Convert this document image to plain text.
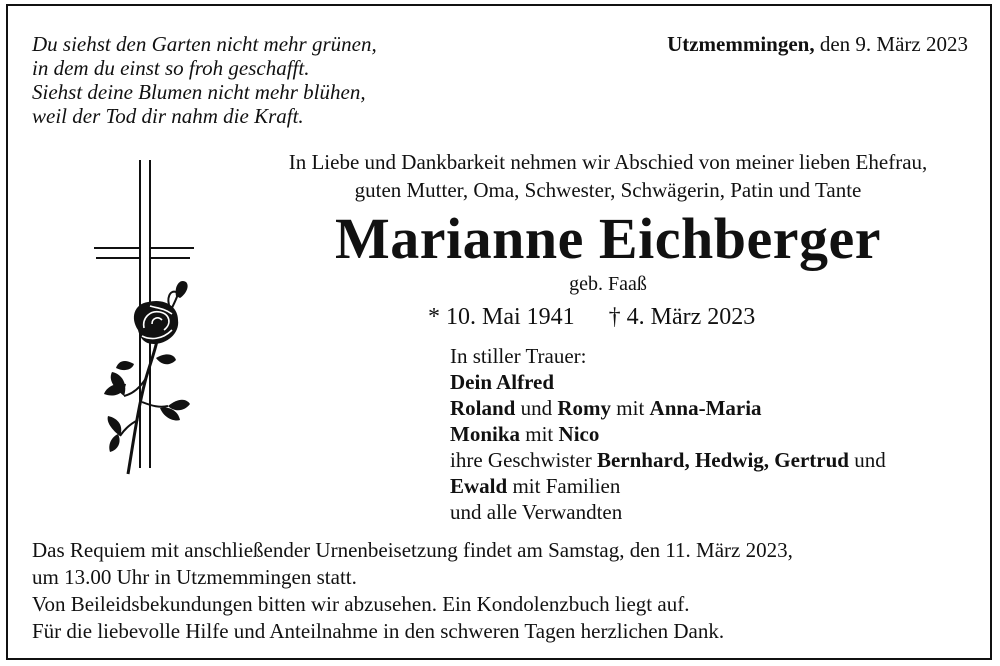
Du siehst den Garten nicht mehr grünen,
in dem du einst so froh geschafft.
Siehst deine Blumen nicht mehr blühen,
weil der Tod dir nahm die Kraft.
Utzmemmingen, den 9. März 2023
In Liebe und Dankbarkeit nehmen wir Abschied von meiner lieben Ehefrau,
guten Mutter, Oma, Schwester, Schwägerin, Patin und Tante
Marianne Eichberger
geb. Faaß
* 10. Mai 1941 † 4. März 2023
In stiller Trauer:
Dein Alfred
Roland und Romy mit Anna-Maria
Monika mit Nico
ihre Geschwister Bernhard, Hedwig, Gertrud und
Ewald mit Familien
und alle Verwandten
Das Requiem mit anschließender Urnenbeisetzung findet am Samstag, den 11. März 2023,
um 13.00 Uhr in Utzmemmingen statt.
Von Beileidsbekundungen bitten wir abzusehen. Ein Kondolenzbuch liegt auf.
Für die liebevolle Hilfe und Anteilnahme in den schweren Tagen herzlichen Dank.
